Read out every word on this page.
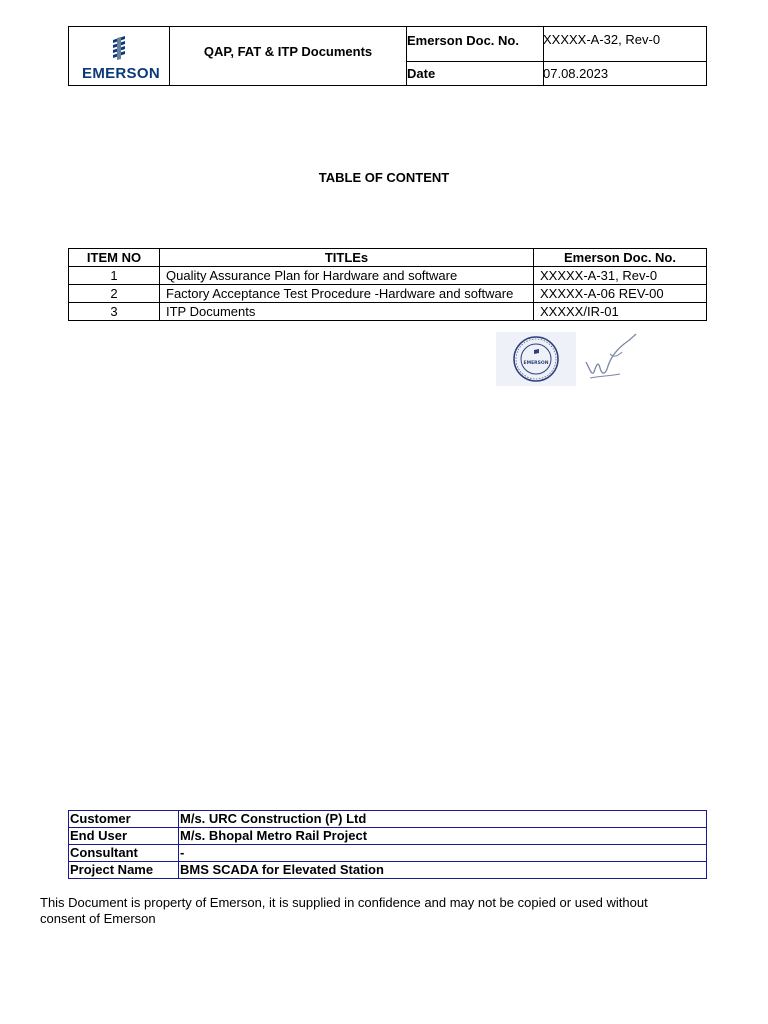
EMERSON
QAP, FAT & ITP Documents
Emerson Doc. No. XXXXX-A-32, Rev-0
Date	07.08.2023
TABLE OF CONTENT
ITEM NO	TITLEs	Emerson Doc. No.
1	Quality Assurance Plan for Hardware and software	XXXXX-A-31, Rev-0
2	Factory Acceptance Test Procedure -Hardware and software	XXXXX-A-06 REV-00
3	ITP Documents	XXXXX/IR-01
EMERSON
Customer	M/s. URC Construction (P) Ltd
End User	M/s. Bhopal Metro Rail Project
Consultant	-
Project Name	BMS SCADA for Elevated Station
This Document is property of Emerson, it is supplied in confidence and may not be copied or used without consent of Emerson
